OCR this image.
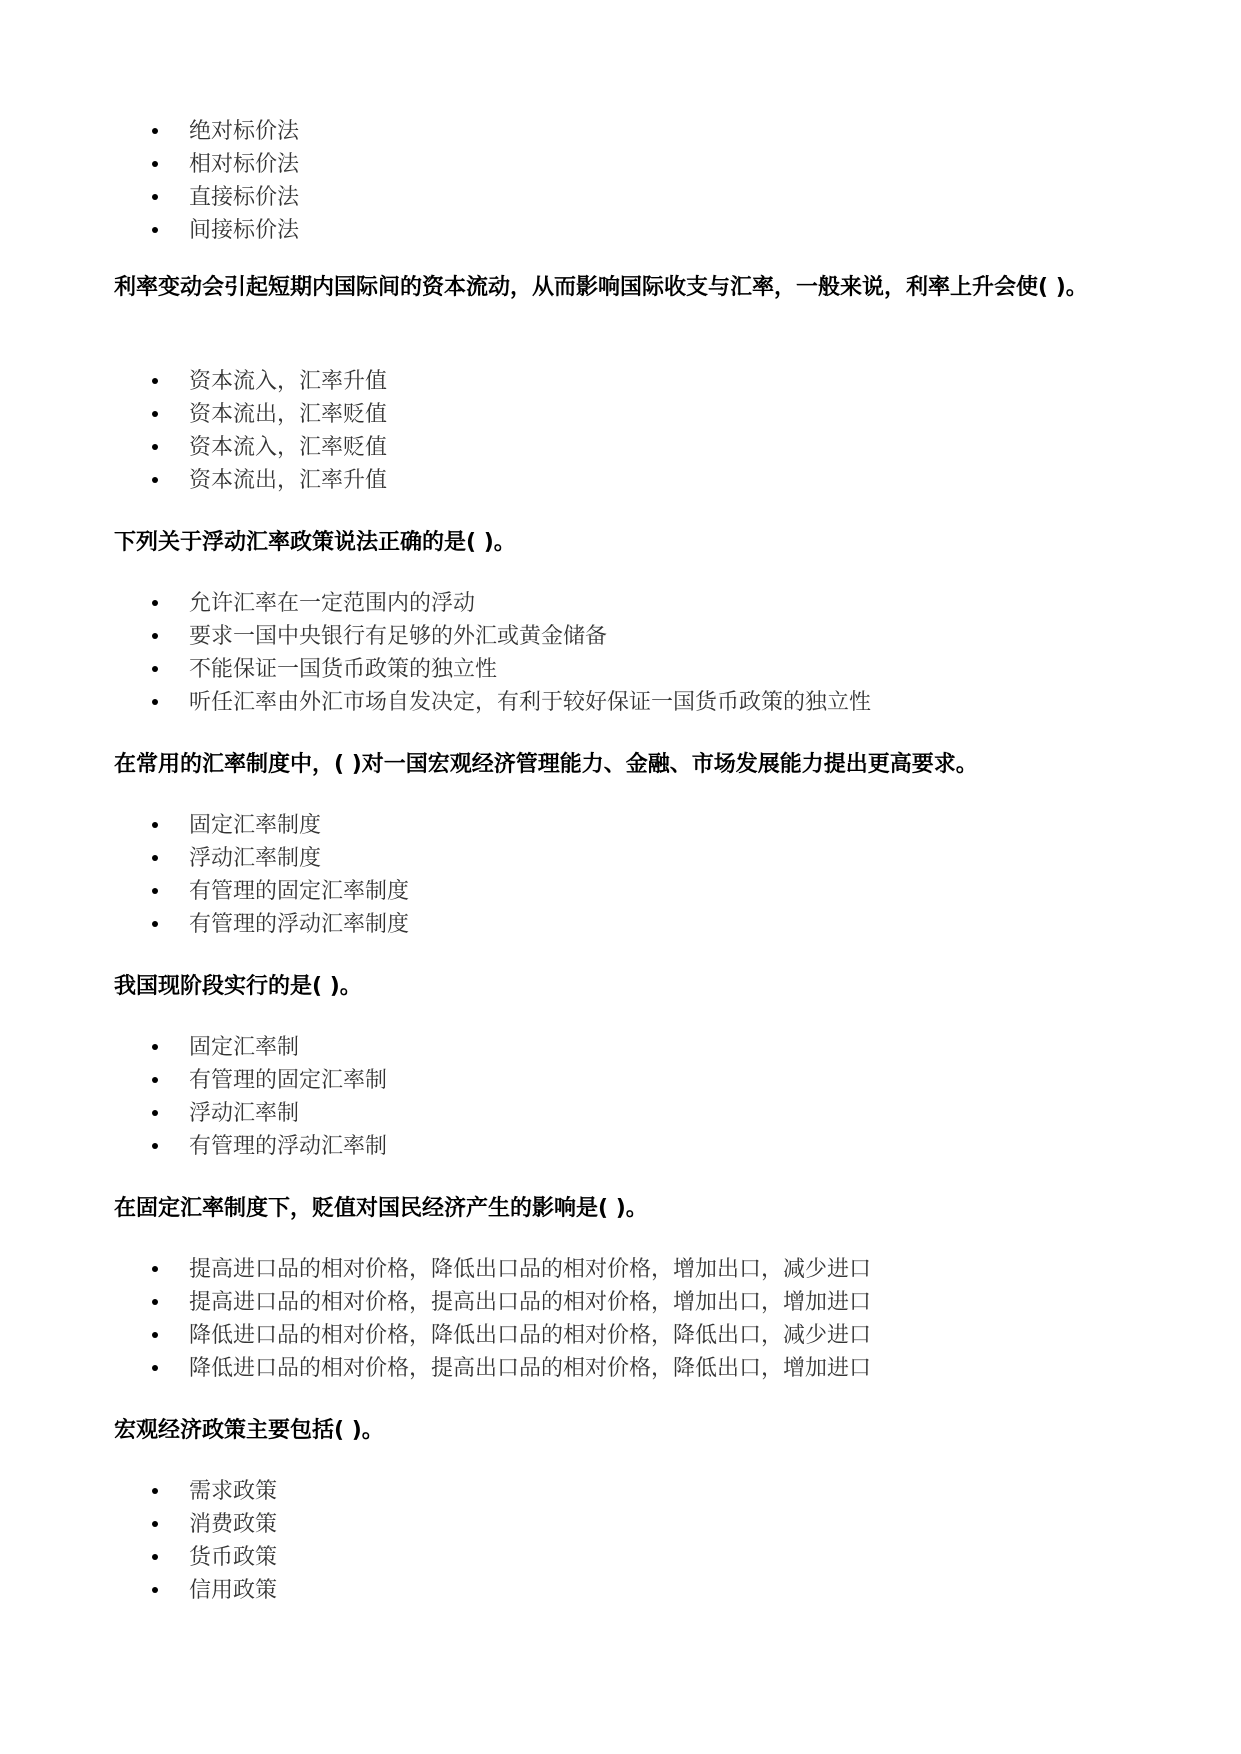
绝对标价法
相对标价法
直接标价法
间接标价法

利率变动会引起短期内国际间的资本流动，从而影响国际收支与汇率，一般来说，利率上升会使( )。

资本流入，汇率升值
资本流出，汇率贬值
资本流入，汇率贬值
资本流出，汇率升值

下列关于浮动汇率政策说法正确的是( )。

允许汇率在一定范围内的浮动
要求一国中央银行有足够的外汇或黄金储备
不能保证一国货币政策的独立性
听任汇率由外汇市场自发决定，有利于较好保证一国货币政策的独立性

在常用的汇率制度中，( )对一国宏观经济管理能力、金融、市场发展能力提出更高要求。

固定汇率制度
浮动汇率制度
有管理的固定汇率制度
有管理的浮动汇率制度

我国现阶段实行的是( )。

固定汇率制
有管理的固定汇率制
浮动汇率制
有管理的浮动汇率制

在固定汇率制度下，贬值对国民经济产生的影响是( )。

提高进口品的相对价格，降低出口品的相对价格，增加出口，减少进口
提高进口品的相对价格，提高出口品的相对价格，增加出口，增加进口
降低进口品的相对价格，降低出口品的相对价格，降低出口，减少进口
降低进口品的相对价格，提高出口品的相对价格，降低出口，增加进口

宏观经济政策主要包括( )。

需求政策
消费政策
货币政策
信用政策
